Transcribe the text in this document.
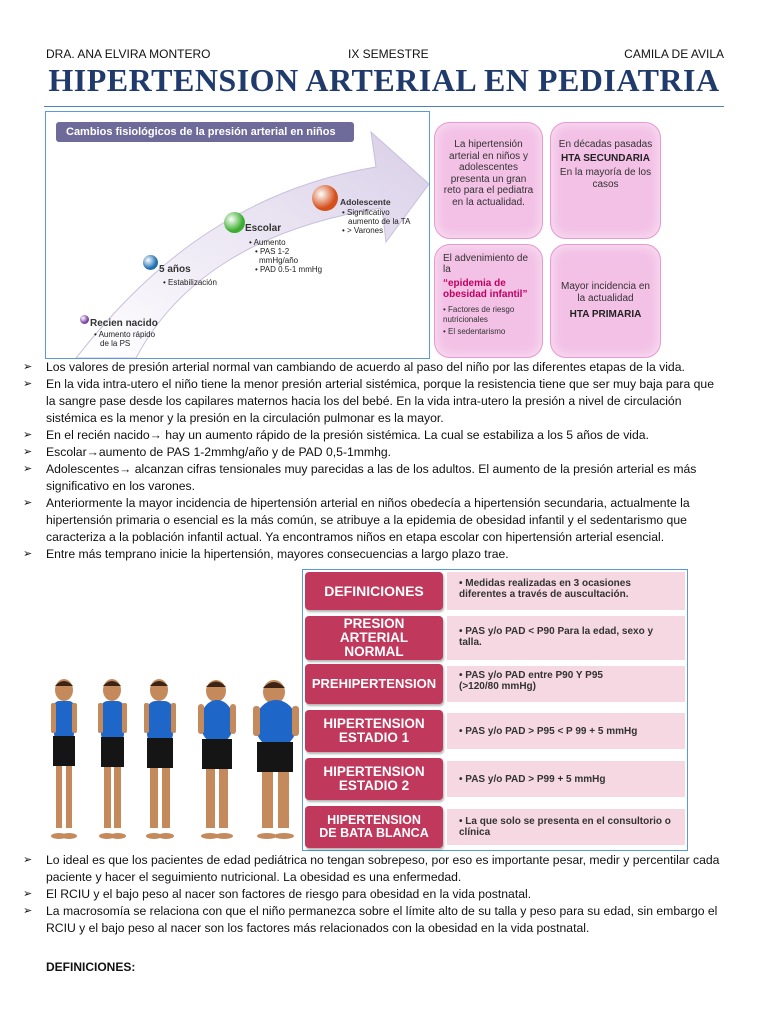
DRA. ANA ELVIRA MONTERO	IX SEMESTRE	CAMILA DE AVILA
HIPERTENSION ARTERIAL EN PEDIATRIA
Cambios fisiológicos de la presión arterial en niños
Recien nacido
• Aumento rápido
de la PS
5 años
• Estabilización
Escolar
• Aumento
• PAS 1-2
mmHg/año
• PAD 0.5-1 mmHg
Adolescente
• Significativo
aumento de la TA
• > Varones
La hipertensión arterial en niños y adolescentes presenta un gran reto para el pediatra en la actualidad.
En décadas pasadas
HTA SECUNDARIA
En la mayoría de los casos
El advenimiento de la
“epidemia de obesidad infantil”
• Factores de riesgo nutricionales
• El sedentarismo
Mayor incidencia en la actualidad
HTA PRIMARIA
➢ Los valores de presión arterial normal van cambiando de acuerdo al paso del niño por las diferentes etapas de la vida.
➢ En la vida intra-utero el niño tiene la menor presión arterial sistémica, porque la resistencia tiene que ser muy baja para que la sangre pase desde los capilares maternos hacia los del bebé. En la vida intra-utero la presión a nivel de circulación sistémica es la menor y la presión en la circulación pulmonar es la mayor.
➢ En el recién nacido→ hay un aumento rápido de la presión sistémica. La cual se estabiliza a los 5 años de vida.
➢ Escolar→aumento de PAS 1-2mmhg/año y de PAD 0,5-1mmhg.
➢ Adolescentes→ alcanzan cifras tensionales muy parecidas a las de los adultos. El aumento de la presión arterial es más significativo en los varones.
➢ Anteriormente la mayor incidencia de hipertensión arterial en niños obedecía a hipertensión secundaria, actualmente la hipertensión primaria o esencial es la más común, se atribuye a la epidemia de obesidad infantil y el sedentarismo que caracteriza a la población infantil actual. Ya encontramos niños en etapa escolar con hipertensión arterial esencial.
➢ Entre más temprano inicie la hipertensión, mayores consecuencias a largo plazo trae.
DEFINICIONES	• Medidas realizadas en 3 ocasiones diferentes a través de auscultación.
PRESION ARTERIAL NORMAL
• PAS y/o PAD < P90 Para la edad, sexo y talla.
PREHIPERTENSION
• PAS y/o PAD entre P90 Y P95 (>120/80 mmHg)
HIPERTENSION ESTADIO 1	• PAS y/o PAD > P95 < P 99 + 5 mmHg
HIPERTENSION ESTADIO 2	• PAS y/o PAD > P99 + 5 mmHg
HIPERTENSION DE BATA BLANCA
• La que solo se presenta en el consultorio o clínica
➢ Lo ideal es que los pacientes de edad pediátrica no tengan sobrepeso, por eso es importante pesar, medir y percentilar cada paciente y hacer el seguimiento nutricional. La obesidad es una enfermedad.
➢ El RCIU y el bajo peso al nacer son factores de riesgo para obesidad en la vida postnatal.
➢ La macrosomía se relaciona con que el niño permanezca sobre el límite alto de su talla y peso para su edad, sin embargo el RCIU y el bajo peso al nacer son los factores más relacionados con la obesidad en la vida postnatal.
DEFINICIONES:
